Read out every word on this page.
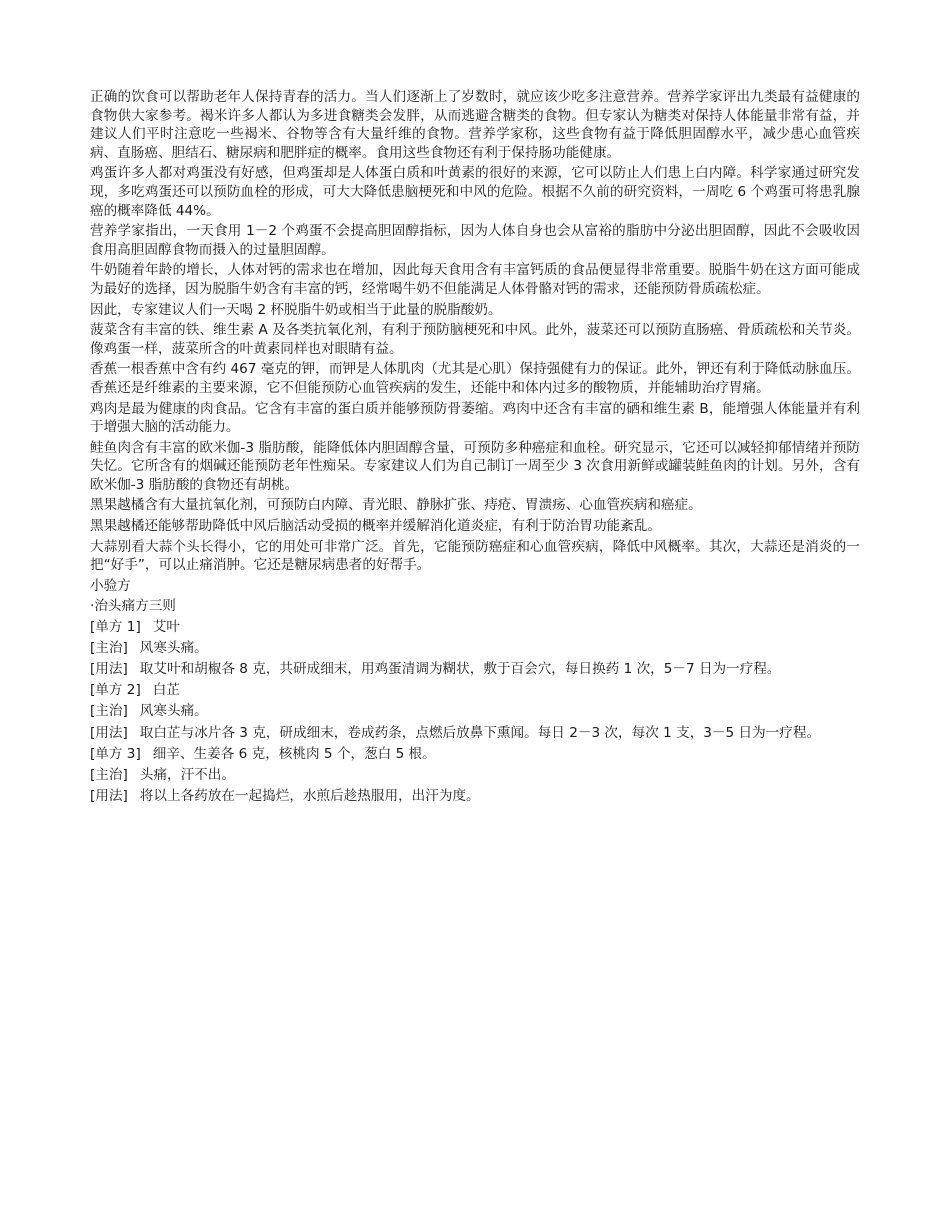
正确的饮食可以帮助老年人保持青春的活力。当人们逐渐上了岁数时，就应该少吃多注意营养。营养学家评出九类最有益健康的食物供大家参考。褐米许多人都认为多进食糖类会发胖，从而逃避含糖类的食物。但专家认为糖类对保持人体能量非常有益，并建议人们平时注意吃一些褐米、谷物等含有大量纤维的食物。营养学家称，这些食物有益于降低胆固醇水平，减少患心血管疾病、直肠癌、胆结石、糖尿病和肥胖症的概率。食用这些食物还有利于保持肠功能健康。

鸡蛋许多人都对鸡蛋没有好感，但鸡蛋却是人体蛋白质和叶黄素的很好的来源，它可以防止人们患上白内障。科学家通过研究发现，多吃鸡蛋还可以预防血栓的形成，可大大降低患脑梗死和中风的危险。根据不久前的研究资料，一周吃 6 个鸡蛋可将患乳腺癌的概率降低 44%。

营养学家指出，一天食用 1－2 个鸡蛋不会提高胆固醇指标，因为人体自身也会从富裕的脂肪中分泌出胆固醇，因此不会吸收因食用高胆固醇食物而摄入的过量胆固醇。

牛奶随着年龄的增长，人体对钙的需求也在增加，因此每天食用含有丰富钙质的食品便显得非常重要。脱脂牛奶在这方面可能成为最好的选择，因为脱脂牛奶含有丰富的钙，经常喝牛奶不但能满足人体骨骼对钙的需求，还能预防骨质疏松症。

因此，专家建议人们一天喝 2 杯脱脂牛奶或相当于此量的脱脂酸奶。

菠菜含有丰富的铁、维生素 A 及各类抗氧化剂，有利于预防脑梗死和中风。此外，菠菜还可以预防直肠癌、骨质疏松和关节炎。像鸡蛋一样，菠菜所含的叶黄素同样也对眼睛有益。

香蕉一根香蕉中含有约 467 毫克的钾，而钾是人体肌肉（尤其是心肌）保持强健有力的保证。此外，钾还有利于降低动脉血压。香蕉还是纤维素的主要来源，它不但能预防心血管疾病的发生，还能中和体内过多的酸物质，并能辅助治疗胃痛。

鸡肉是最为健康的肉食品。它含有丰富的蛋白质并能够预防骨萎缩。鸡肉中还含有丰富的硒和维生素 B，能增强人体能量并有利于增强大脑的活动能力。

鲑鱼肉含有丰富的欧米伽-3 脂肪酸，能降低体内胆固醇含量，可预防多种癌症和血栓。研究显示，它还可以减轻抑郁情绪并预防失忆。它所含有的烟碱还能预防老年性痴呆。专家建议人们为自己制订一周至少 3 次食用新鲜或罐装鲑鱼肉的计划。另外，含有欧米伽-3 脂肪酸的食物还有胡桃。

黑果越橘含有大量抗氧化剂，可预防白内障、青光眼、静脉扩张、痔疮、胃溃疡、心血管疾病和癌症。

黑果越橘还能够帮助降低中风后脑活动受损的概率并缓解消化道炎症，有利于防治胃功能紊乱。

大蒜别看大蒜个头长得小，它的用处可非常广泛。首先，它能预防癌症和心血管疾病，降低中风概率。其次，大蒜还是消炎的一把“好手”，可以止痛消肿。它还是糖尿病患者的好帮手。

小验方
·治头痛方三则
[单方 1] 艾叶
[主治] 风寒头痛。
[用法] 取艾叶和胡椒各 8 克，共研成细末，用鸡蛋清调为糊状，敷于百会穴，每日换药 1 次，5－7 日为一疗程。
[单方 2] 白芷
[主治] 风寒头痛。
[用法] 取白芷与冰片各 3 克，研成细末，卷成药条，点燃后放鼻下熏闻。每日 2－3 次，每次 1 支，3－5 日为一疗程。
[单方 3] 细辛、生姜各 6 克，核桃肉 5 个，葱白 5 根。
[主治] 头痛，汗不出。
[用法] 将以上各药放在一起捣烂，水煎后趁热服用，出汗为度。
